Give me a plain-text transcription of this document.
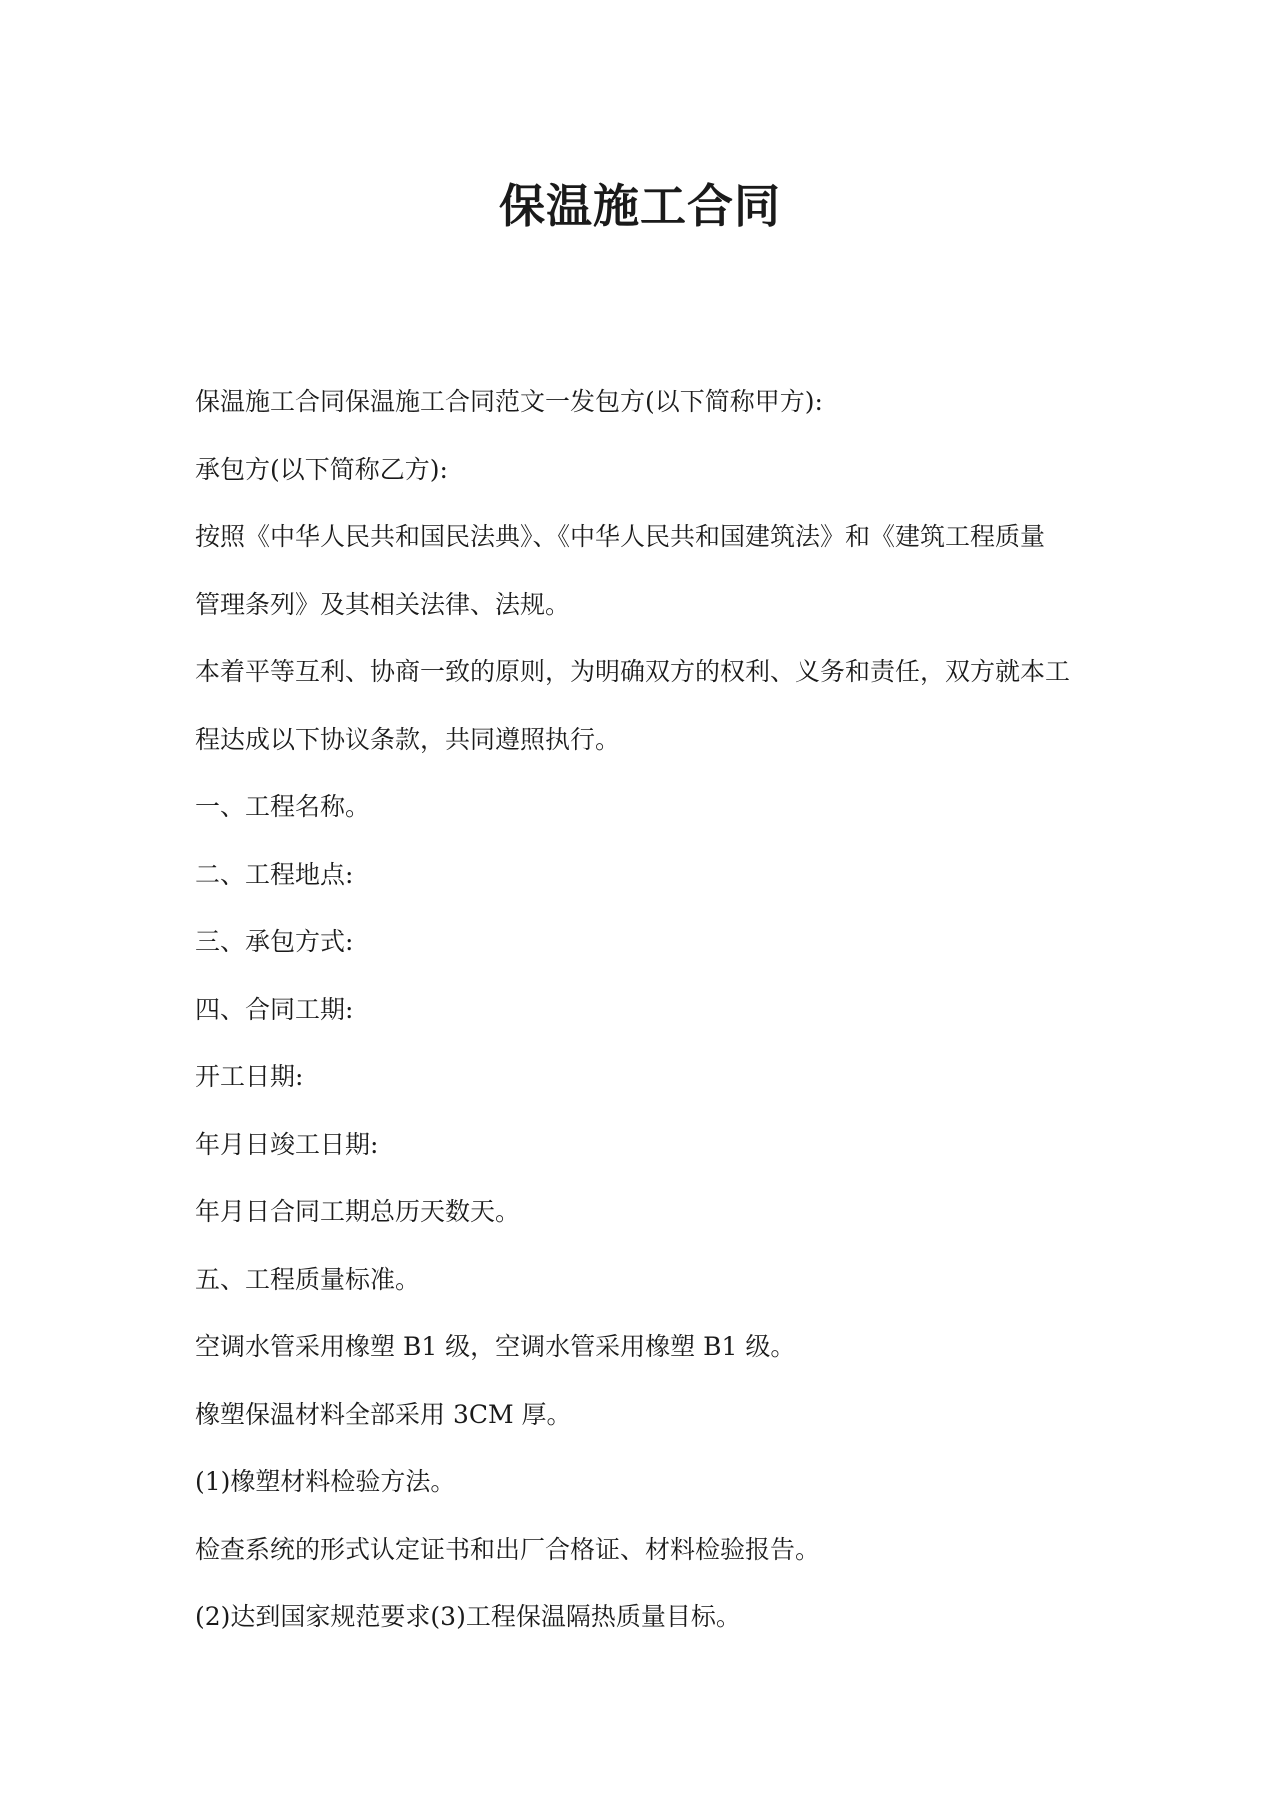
保温施工合同

保温施工合同保温施工合同范文一发包方(以下简称甲方):

承包方(以下简称乙方):

按照《中华人民共和国民法典》、《中华人民共和国建筑法》和《建筑工程质量

管理条列》及其相关法律、法规。

本着平等互利、协商一致的原则，为明确双方的权利、义务和责任，双方就本工

程达成以下协议条款，共同遵照执行。

一、工程名称。

二、工程地点:

三、承包方式:

四、合同工期:

开工日期:

年月日竣工日期:

年月日合同工期总历天数天。

五、工程质量标准。

空调水管采用橡塑 B1 级，空调水管采用橡塑 B1 级。

橡塑保温材料全部采用 3CM 厚。

(1)橡塑材料检验方法。

检查系统的形式认定证书和出厂合格证、材料检验报告。

(2)达到国家规范要求(3)工程保温隔热质量目标。
